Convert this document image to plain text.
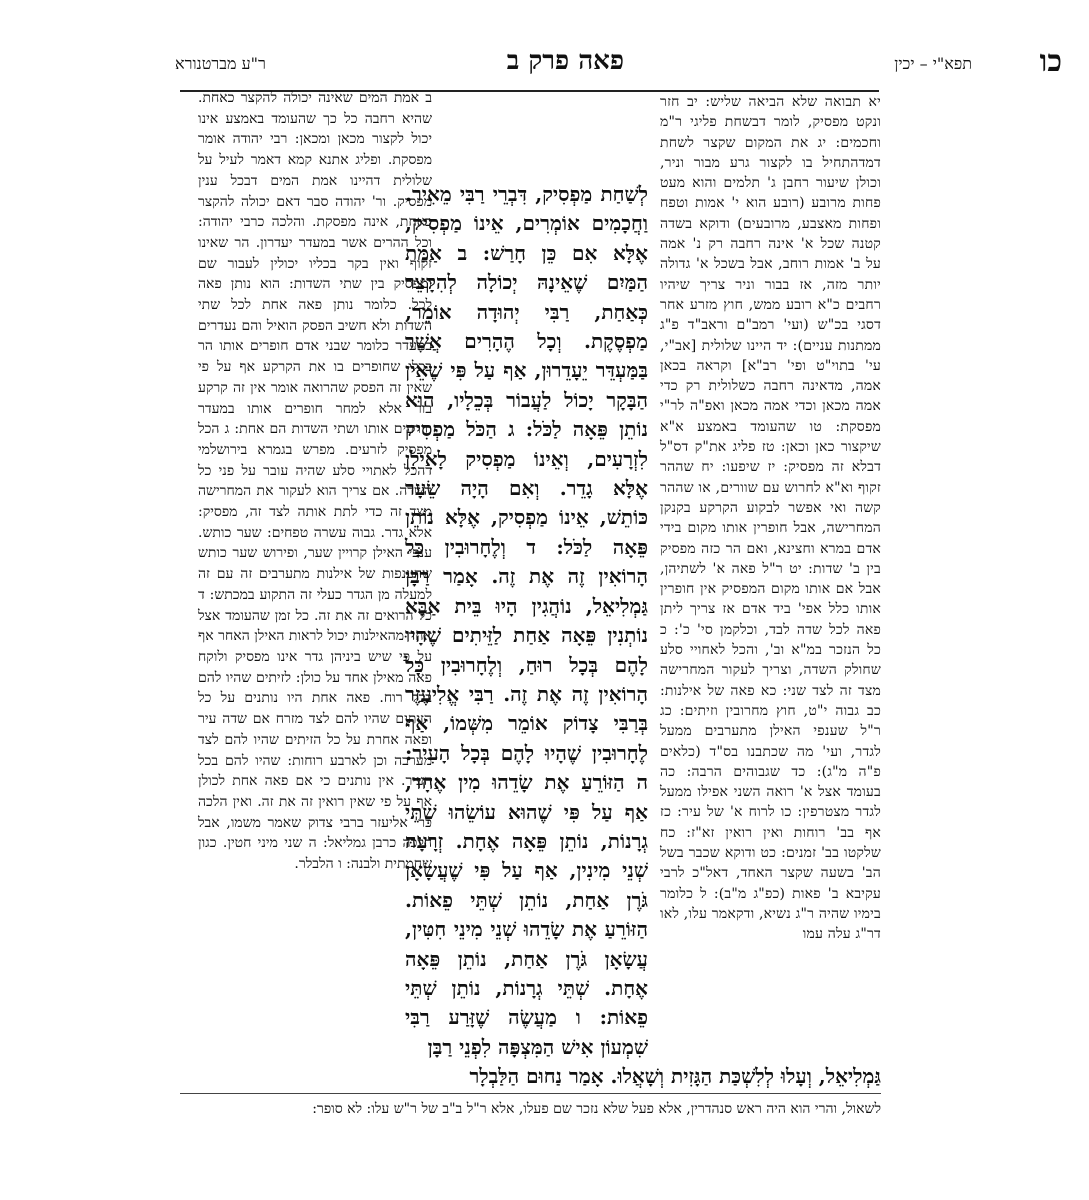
כו
תפא"י – יכין
פאה פרק ב
ר"ע מברטנורא

יא תבואה שלא הביאה שליש: יב חזר ונקט מפסיק, לומר דבשחת פליגי ר"מ וחכמים: יג את המקום שקצר לשחת דמדהתחיל בו לקצור גרע מבור וניר, וכולן שיעור רחבן ג' תלמים והוא מעט פחות מרובע (רובע הוא י' אמות וטפח ופחות מאצבע, מרובעים) ודוקא בשדה קטנה שכל א' אינה רחבה רק נ' אמה על ב' אמות רוחב, אבל בשכל א' גדולה יותר מזה, אז בבור וניר צריך שיהיו רחבים כ"א רובע ממש, חוץ מזרע אחר דסגי בכ"ש (ועי' רמב"ם וראב"ד פ"ג ממתנות עניים): יד היינו שלולית [אב"י, עי' בתוי"ט ופי' רב"א] וקראה בכאן אמה, מדאינה רחבה כשלולית רק כדי אמה מכאן וכדי אמה מכאן ואפ"ה לר"י מפסקת: טו שהעומד באמצע א"א שיקצור כאן וכאן: טז פליג את"ק דס"ל דבלא זה מפסיק: יז שיפעו: יח שההר זקוף וא"א לחרוש עם שוורים, או שההר קשה ואי אפשר לבקוע הקרקע בקנקן המחרישה, אבל חופרין אותו מקום בידי אדם במרא וחצינא, ואם הר כזה מפסיק בין ב' שדות: יט ר"ל פאה א' לשתיהן, אבל אם אותו מקום המפסיק אין חופרין אותו כלל אפי' ביד אדם אז צריך ליתן פאה לכל שדה לבד, וכלקמן סי' כ': כ כל הנזכר במ"א וב', והכל לאחויי סלע שחולק השדה, וצריך לעקור המחרישה מצד זה לצד שני: כא פאה של אילנות: כב גבוה י"ט, חוץ מחרובין וזיתים: כג ר"ל שענפי האילן מתערבים ממעל לגדר, ועי' מה שכתבנו בס"ד (כלאים פ"ה מ"ג): כד שגבוהים הרבה: כה בעומד אצל א' רואה השני אפילו ממעל לגדר מצטרפין: כו לרוח א' של עיר: כז אף בב' רוחות ואין רואין זא"ז: כח שלקטו בב' זמנים: כט ודוקא שכבר בשל הב' בשעה שקצר האחד, דאל"כ לרבי עקיבא ב' פאות (כפ"ג מ"ב): ל כלומר בימיו שהיה ר"ג נשיא, ודקאמר עלו, לאו דר"ג עלה עמו

לְשַׁחַת מַפְסִיק, דִּבְרֵי רַבִּי מֵאִיר. וַחֲכָמִים אוֹמְרִים, אֵינוֹ מַפְסִיק, אֶלָּא אִם כֵּן חָרַשׁ: ב אַמַּת הַמַּיִם שֶׁאֵינָהּ יְכוֹלָה לְהִקָּצֵר כְּאַחַת, רַבִּי יְהוּדָה אוֹמֵר, מַפְסֶקֶת. וְכָל הֶהָרִים אֲשֶׁר בַּמַּעְדֵּר יֵעָדֵרוּן, אַף עַל פִּי שֶׁאֵין הַבָּקָר יָכוֹל לַעֲבוֹר בְּכֵלָיו, הוּא נוֹתֵן פֵּאָה לַכֹּל: ג הַכֹּל מַפְסִיק לִזְרָעִים, וְאֵינוֹ מַפְסִיק לָאִילָן אֶלָּא גָדֵר. וְאִם הָיָה שֵׂעָר כּוֹתֵשׁ, אֵינוֹ מַפְסִיק, אֶלָּא נוֹתֵן פֵּאָה לַכֹּל: ד וְלֶחָרוּבִין כָּל הָרוֹאִין זֶה אֶת זֶה. אָמַר רַבָּן גַּמְלִיאֵל, נוֹהֲגִין הָיוּ בֵּית אַבָּא נוֹתְנִין פֵּאָה אַחַת לַזֵּיתִים שֶׁהָיוּ לָהֶם בְּכָל רוּחַ, וְלֶחָרוּבִין כָּל הָרוֹאִין זֶה אֶת זֶה. רַבִּי אֱלִיעֶזֶר בְּרַבִּי צָדוֹק אוֹמֵר מִשְּׁמוֹ, אַף לֶחָרוּבִין שֶׁהָיוּ לָהֶם בְּכָל הָעִיר: ה הַזּוֹרֵעַ אֶת שָׂדֵהוּ מִין אֶחָד, אַף עַל פִּי שֶׁהוּא עוֹשֵׂהוּ שְׁתֵּי גְרָנוֹת, נוֹתֵן פֵּאָה אֶחָת. זְרָעָהּ שְׁנֵי מִינִין, אַף עַל פִּי שֶׁעֲשָׂאָן גֹּרֶן אַחַת, נוֹתֵן שְׁתֵּי פֵאוֹת. הַזּוֹרֵעַ אֶת שָׂדֵהוּ שְׁנֵי מִינֵי חִטִּין, עֲשָׂאָן גֹּרֶן אַחַת, נוֹתֵן פֵּאָה אֶחָת. שְׁתֵּי גְרָנוֹת, נוֹתֵן שְׁתֵּי פֵאוֹת: ו מַעֲשֶׂה שֶׁזָּרַע רַבִּי שִׁמְעוֹן אִישׁ הַמִּצְפָּה לִפְנֵי רַבָּן

ב אמת המים שאינה יכולה להקצר כאחת. שהיא רחבה כל כך שהעומד באמצע אינו יכול לקצור מכאן ומכאן: רבי יהודה אומר מפסקת. ופליג אתנא קמא דאמר לעיל על שלולית דהיינו אמת המים דבכל ענין מפסיק. ור' יהודה סבר דאם יכולה להקצר כאחת, אינה מפסקת. והלכה כרבי יהודה: וכל ההרים אשר במעדר יעדרון. הר שאינו זקוף ואין בקר בכליו יכולין לעבור שם ומפסיק בין שתי השדות: הוא נותן פאה לכל. כלומר נותן פאה אחת לכל שתי השדות ולא חשיב הפסק הואיל והם נעדרים במעדר כלומר שבני אדם חופרים אותו הר בכלי שחופרים בו את הקרקע אף על פי שאין זה הפסק שהרואה אומר אין זה קרקע בור אלא למחר חופרים אותו במעדר וזורעים אותו ושתי השדות הם אחת: ג הכל מפסיק לזרעים. מפרש בגמרא בירושלמי דהכל לאתויי סלע שהיה עובר על פני כל השדה. אם צריך הוא לעקור את המחרישה מצד זה כדי לתת אותה לצד זה, מפסיק: אלא גדר. גבוה עשרה טפחים: שער כותש. ענפי האילן קרויין שער, ופירוש שער כותש שהענפות של אילנות מתערבים זה עם זה למעלה מן הגדר כעלי זה התקוע במכתש: ד כל הרואים זה את זה. כל זמן שהעומד אצל אחד מהאילנות יכול לראות האילן האחר אף על פי שיש ביניהן גדר אינו מפסיק ולוקח פאה מאילן אחד על כולן: לזיתים שהיו להם בכל רוח. פאה אחת היו נותנים על כל הזיתים שהיו להם לצד מזרח אם שדה עיר ופאה אחרת על כל הזיתים שהיו להם לצד מערבה וכן לארבע רוחות: שהיו להם בכל העיר. אין נותנים כי אם פאה אחת לכולן אף על פי שאין רואין זה את זה. ואין הלכה כר' אליעזר ברבי צדוק שאמר משמו, אבל הלכה כרבן גמליאל: ה שני מיני חטין. כגון שחמתית ולבנה: ו הלבלר.

גַּמְלִיאֵל, וְעָלוּ לְלִשְׁכַּת הַגָּזִית וְשָׁאֲלוּ. אָמַר נַחוּם הַלַּבְלָר
לשאול, והרי הוא היה ראש סנהדרין, אלא פעל שלא נזכר שם פעלו, אלא ר"ל ב"ב של ר"ש עלו: לא סופר:
